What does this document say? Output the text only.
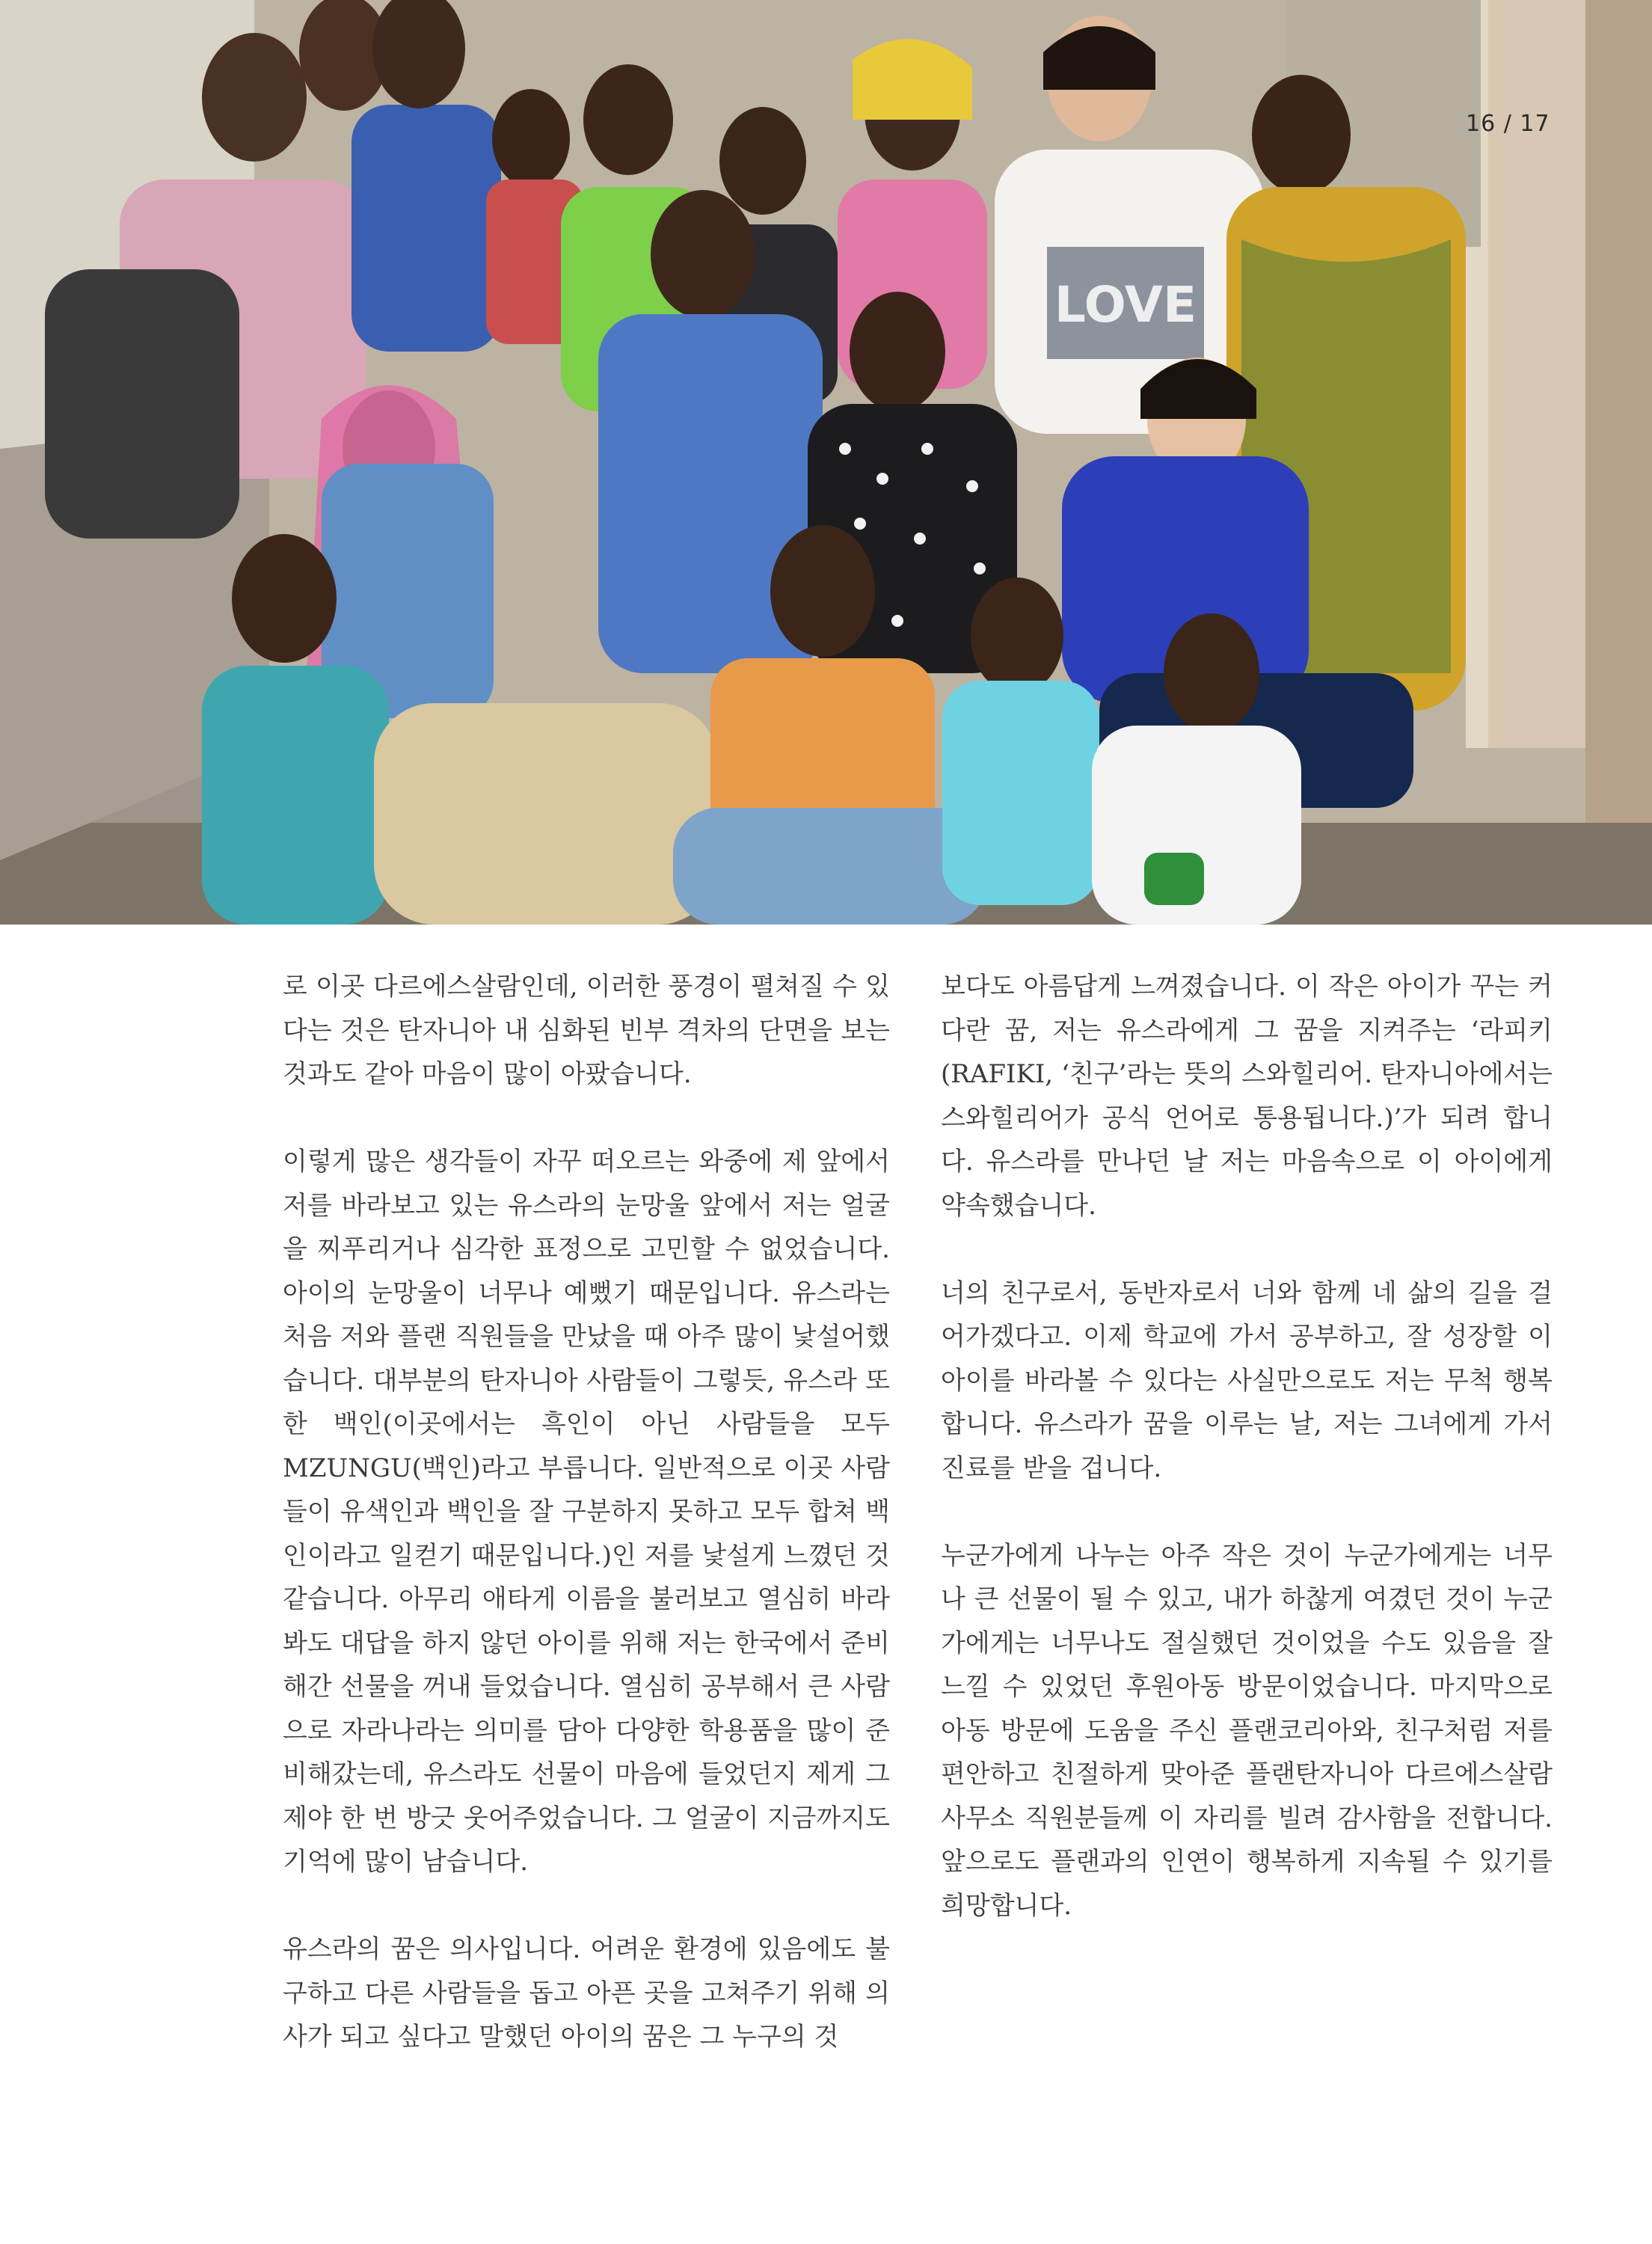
LOVE
16 / 17

로 이곳 다르에스살람인데, 이러한 풍경이 펼쳐질 수 있다는 것은 탄자니아 내 심화된 빈부 격차의 단면을 보는 것과도 같아 마음이 많이 아팠습니다.

이렇게 많은 생각들이 자꾸 떠오르는 와중에 제 앞에서 저를 바라보고 있는 유스라의 눈망울 앞에서 저는 얼굴을 찌푸리거나 심각한 표정으로 고민할 수 없었습니다. 아이의 눈망울이 너무나 예뻤기 때문입니다. 유스라는 처음 저와 플랜 직원들을 만났을 때 아주 많이 낯설어했습니다. 대부분의 탄자니아 사람들이 그렇듯, 유스라 또한 백인(이곳에서는 흑인이 아닌 사람들을 모두 MZUNGU(백인)라고 부릅니다. 일반적으로 이곳 사람들이 유색인과 백인을 잘 구분하지 못하고 모두 합쳐 백인이라고 일컫기 때문입니다.)인 저를 낯설게 느꼈던 것 같습니다. 아무리 애타게 이름을 불러보고 열심히 바라봐도 대답을 하지 않던 아이를 위해 저는 한국에서 준비해간 선물을 꺼내 들었습니다. 열심히 공부해서 큰 사람으로 자라나라는 의미를 담아 다양한 학용품을 많이 준비해갔는데, 유스라도 선물이 마음에 들었던지 제게 그제야 한 번 방긋 웃어주었습니다. 그 얼굴이 지금까지도 기억에 많이 남습니다.

유스라의 꿈은 의사입니다. 어려운 환경에 있음에도 불구하고 다른 사람들을 돕고 아픈 곳을 고쳐주기 위해 의사가 되고 싶다고 말했던 아이의 꿈은 그 누구의 것

보다도 아름답게 느껴졌습니다. 이 작은 아이가 꾸는 커다란 꿈, 저는 유스라에게 그 꿈을 지켜주는 ‘라피키(RAFIKI, ‘친구’라는 뜻의 스와힐리어. 탄자니아에서는 스와힐리어가 공식 언어로 통용됩니다.)’가 되려 합니다. 유스라를 만나던 날 저는 마음속으로 이 아이에게 약속했습니다.

너의 친구로서, 동반자로서 너와 함께 네 삶의 길을 걸어가겠다고. 이제 학교에 가서 공부하고, 잘 성장할 이 아이를 바라볼 수 있다는 사실만으로도 저는 무척 행복합니다. 유스라가 꿈을 이루는 날, 저는 그녀에게 가서 진료를 받을 겁니다.

누군가에게 나누는 아주 작은 것이 누군가에게는 너무나 큰 선물이 될 수 있고, 내가 하찮게 여겼던 것이 누군가에게는 너무나도 절실했던 것이었을 수도 있음을 잘 느낄 수 있었던 후원아동 방문이었습니다. 마지막으로 아동 방문에 도움을 주신 플랜코리아와, 친구처럼 저를 편안하고 친절하게 맞아준 플랜탄자니아 다르에스살람 사무소 직원분들께 이 자리를 빌려 감사함을 전합니다. 앞으로도 플랜과의 인연이 행복하게 지속될 수 있기를 희망합니다.
